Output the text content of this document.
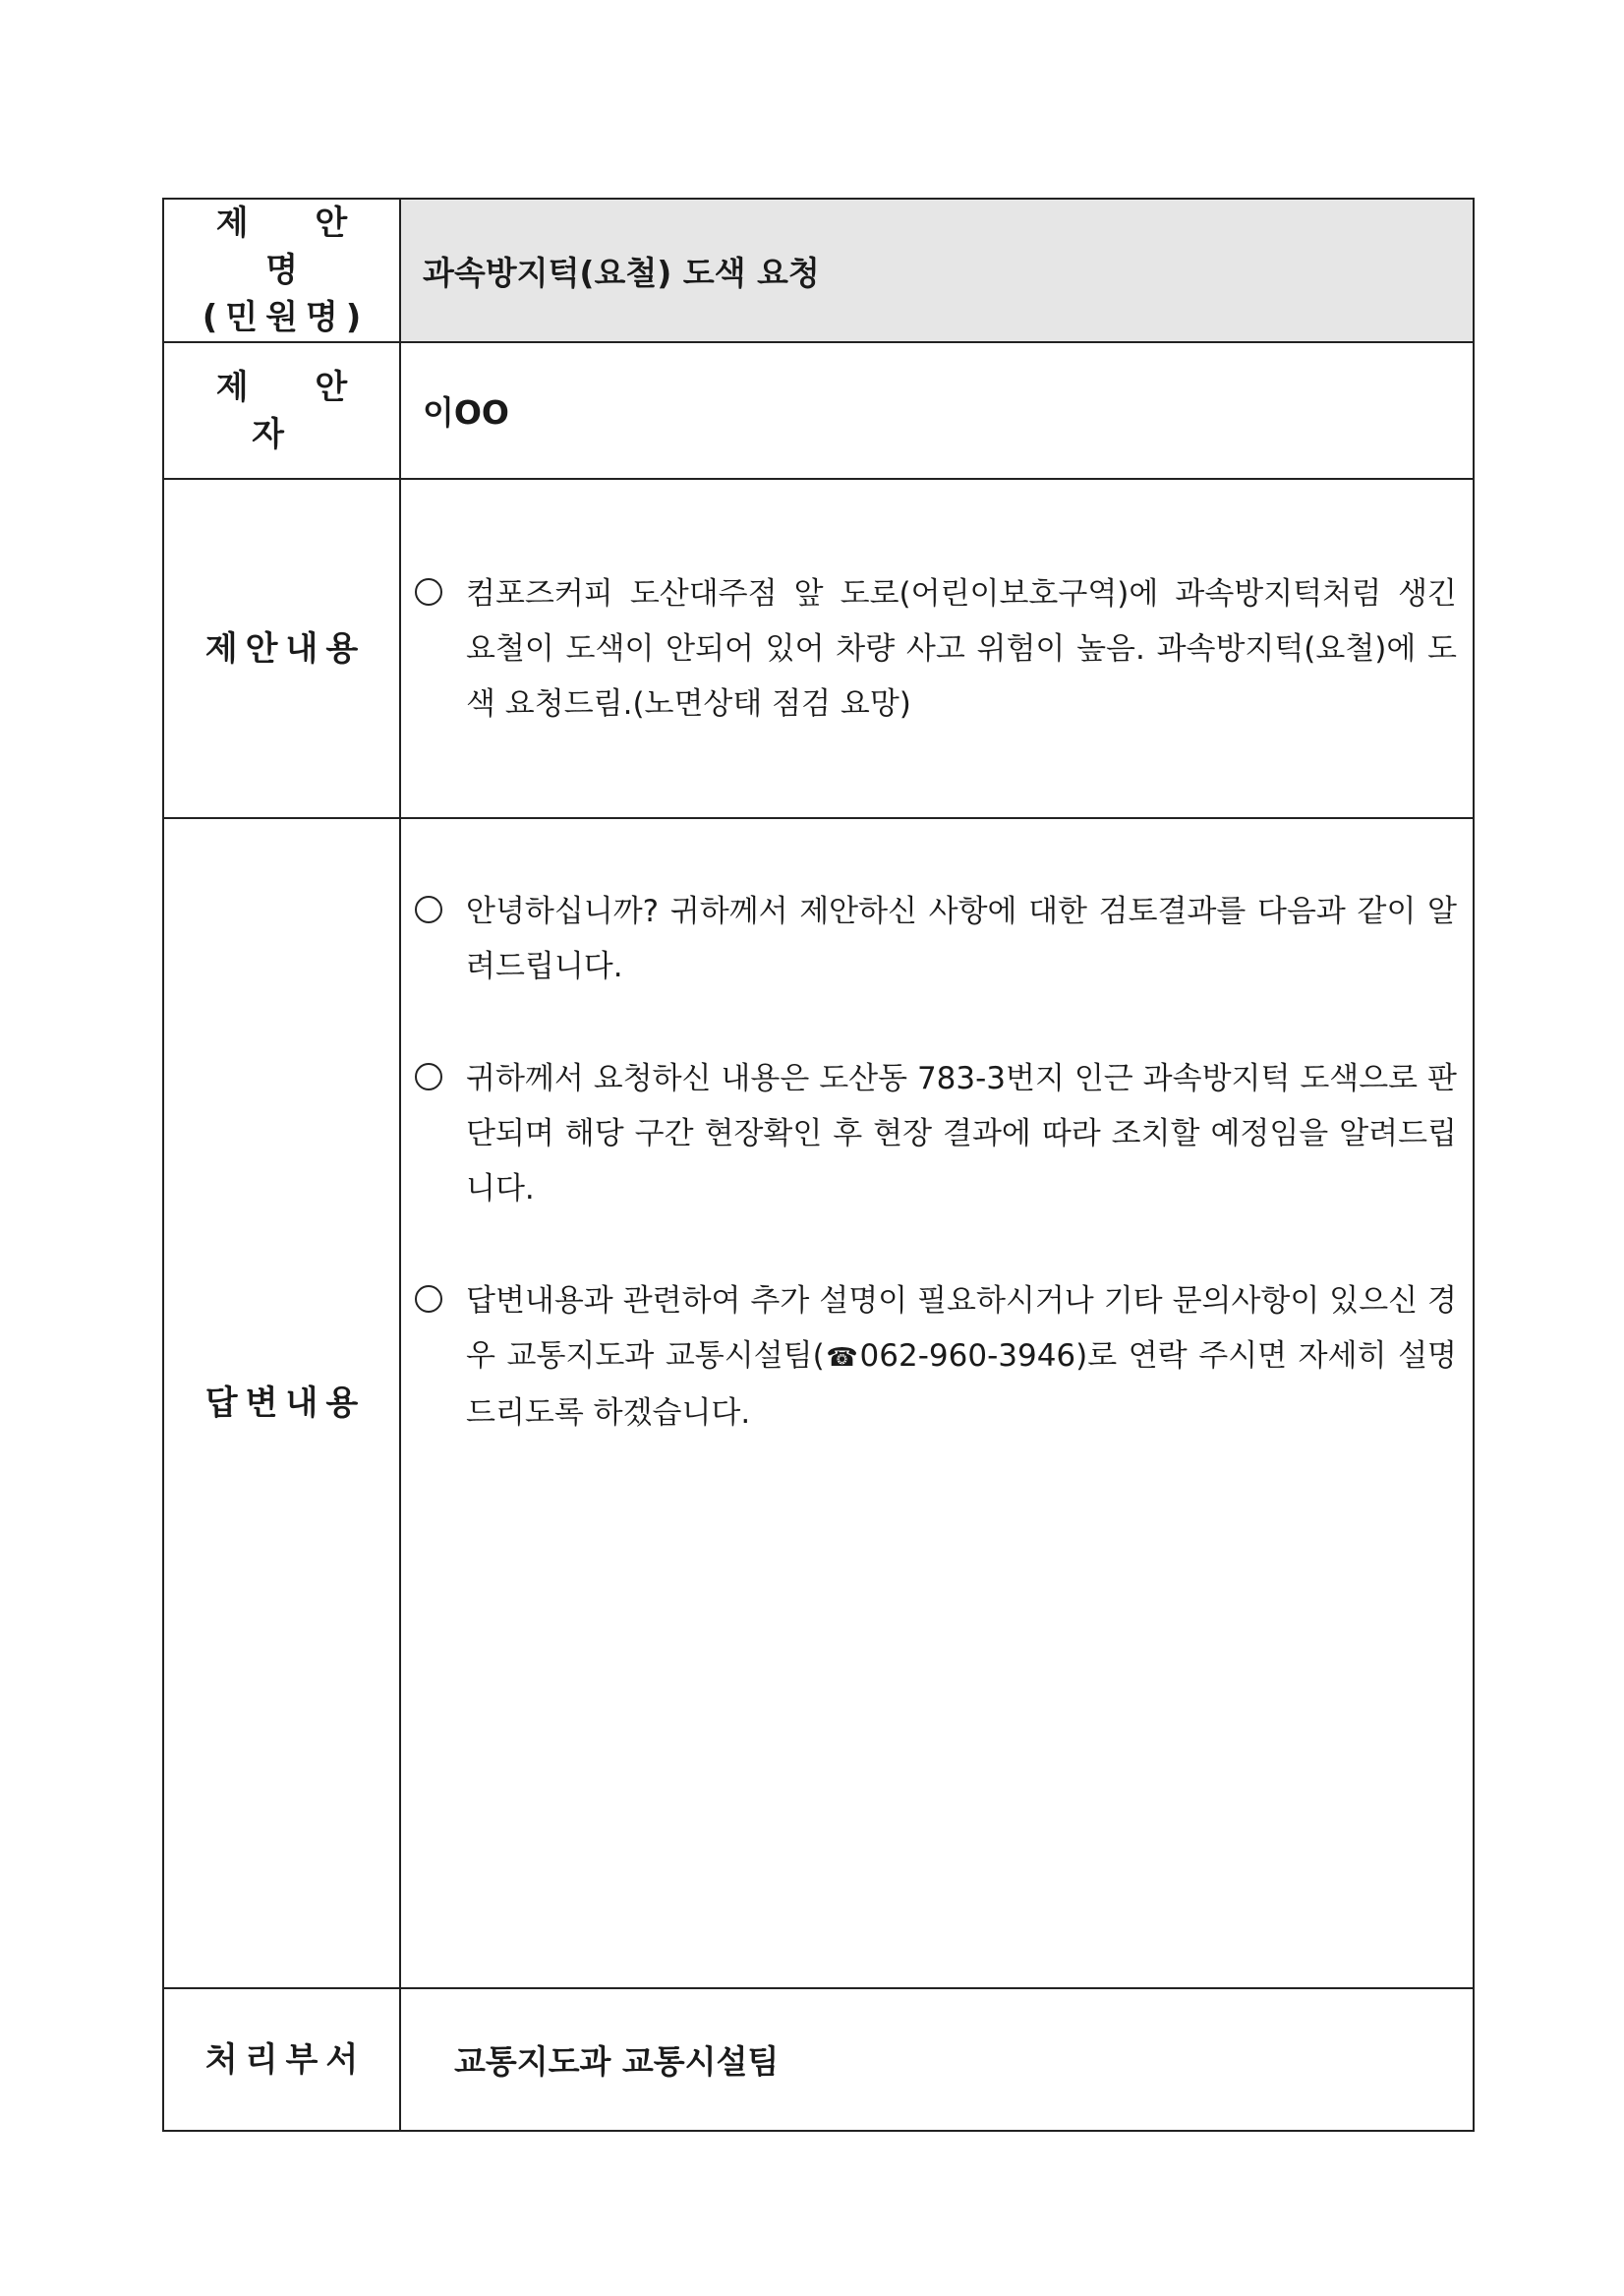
제 안 명
(민원명)	과속방지턱(요철) 도색 요청
제 안 자	이OO
제안내용	컴포즈커피 도산대주점 앞 도로(어린이보호구역)에 과속방지턱처럼 생긴 요철이 도색이 안되어 있어 차량 사고 위험이 높음. 과속방지턱(요철)에 도색 요청드림.(노면상태 점검 요망)

답변내용	안녕하십니까? 귀하께서 제안하신 사항에 대한 검토결과를 다음과 같이 알려드립니다.
귀하께서 요청하신 내용은 도산동 783-3번지 인근 과속방지턱 도색으로 판단되며 해당 구간 현장확인 후 현장 결과에 따라 조치할 예정임을 알려드립니다.
답변내용과 관련하여 추가 설명이 필요하시거나 기타 문의사항이 있으신 경우 교통지도과 교통시설팀(☎062-960-3946)로 연락 주시면 자세히 설명드리도록 하겠습니다.

처리부서	교통지도과 교통시설팀
